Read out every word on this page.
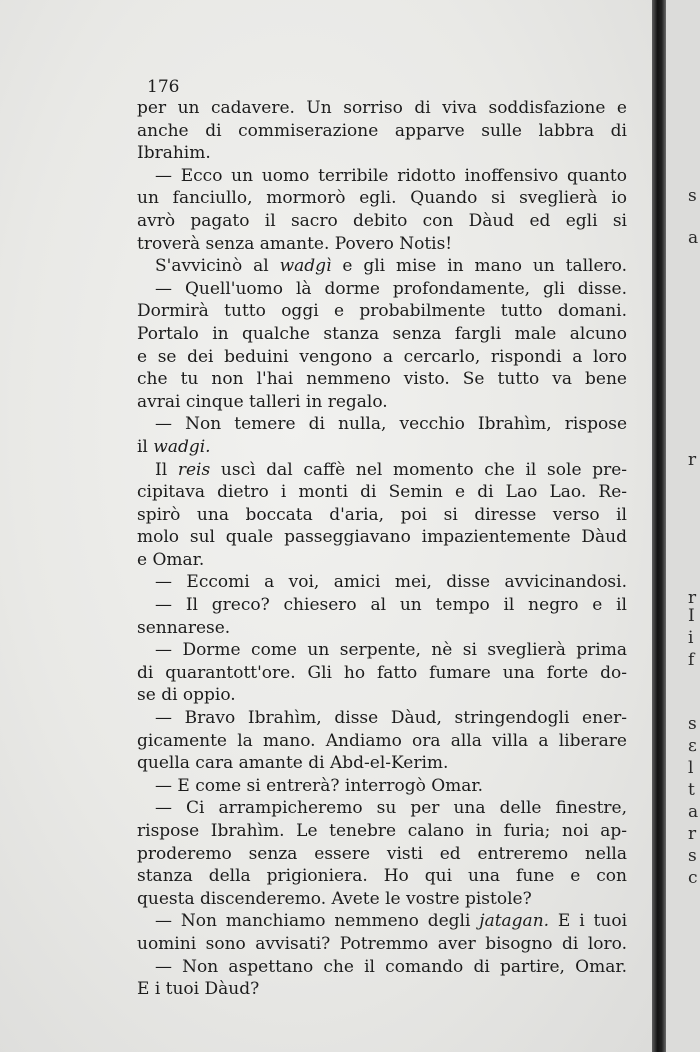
176
per un cadavere. Un sorriso di viva soddisfazione e
anche di commiserazione apparve sulle labbra di
Ibrahim.
— Ecco un uomo terribile ridotto inoffensivo quanto
un fanciullo, mormorò egli. Quando si sveglierà io
avrò pagato il sacro debito con Dàud ed egli si
troverà senza amante. Povero Notis!
S'avvicinò al wadgì e gli mise in mano un tallero.
— Quell'uomo là dorme profondamente, gli disse.
Dormirà tutto oggi e probabilmente tutto domani.
Portalo in qualche stanza senza fargli male alcuno
e se dei beduini vengono a cercarlo, rispondi a loro
che tu non l'hai nemmeno visto. Se tutto va bene
avrai cinque talleri in regalo.
— Non temere di nulla, vecchio Ibrahìm, rispose
il wadgi.
Il reis uscì dal caffè nel momento che il sole pre-
cipitava dietro i monti di Semin e di Lao Lao. Re-
spirò una boccata d'aria, poi si diresse verso il
molo sul quale passeggiavano impazientemente Dàud
e Omar.
— Eccomi a voi, amici mei, disse avvicinandosi.
— Il greco? chiesero al un tempo il negro e il
sennarese.
— Dorme come un serpente, nè si sveglierà prima
di quarantott'ore. Gli ho fatto fumare una forte do-
se di oppio.
— Bravo Ibrahìm, disse Dàud, stringendogli ener-
gicamente la mano. Andiamo ora alla villa a liberare
quella cara amante di Abd-el-Kerim.
— E come si entrerà? interrogò Omar.
— Ci arrampicheremo su per una delle finestre,
rispose Ibrahìm. Le tenebre calano in furia; noi ap-
proderemo senza essere visti ed entreremo nella
stanza della prigioniera. Ho qui una fune e con
questa discenderemo. Avete le vostre pistole?
— Non manchiamo nemmeno degli jatagan. E i tuoi
uomini sono avvisati? Potremmo aver bisogno di loro.
— Non aspettano che il comando di partire, Omar.
E i tuoi Dàud?
s
a
r
r
I
i
f
s
ε
l
t
a
r
s
c
